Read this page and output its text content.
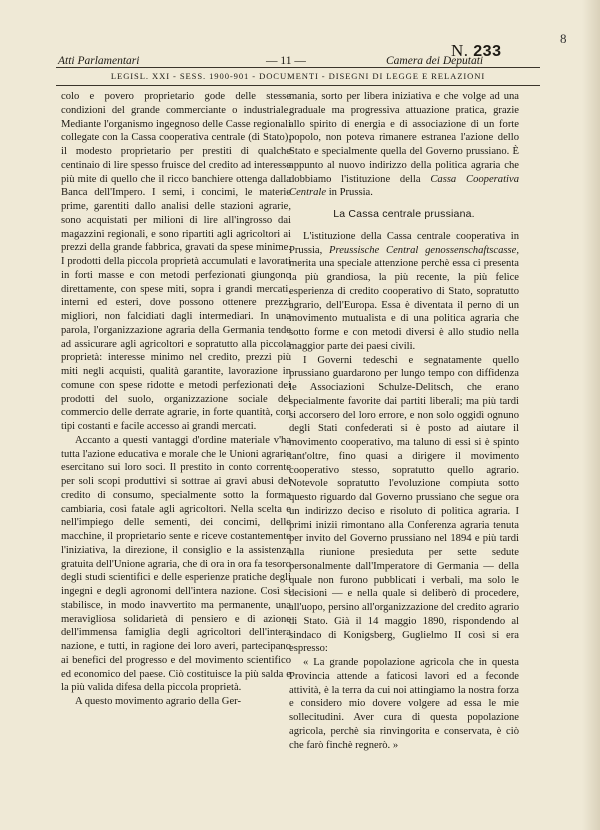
8
Atti Parlamentari	— 11 —	Camera dei Deputati
N. 233
LEGISL. XXI - SESS. 1900-901 - DOCUMENTI - DISEGNI DI LEGGE E RELAZIONI

colo e povero proprietario gode delle stesse condizioni del grande commerciante o industriale. Mediante l'organismo ingegnoso delle Casse regionali collegate con la Cassa cooperativa centrale (di Stato), il modesto proprietario per prestiti di qualche centinaio di lire spesso fruisce del credito ad interesse più mite di quello che il ricco banchiere ottenga dalla Banca dell'Impero. I semi, i concimi, le materie prime, garentiti dallo analisi delle stazioni agrarie, sono acquistati per milioni di lire all'ingrosso dai magazzini regionali, e sono ripartiti agli agricoltori ai prezzi della grande fabbrica, gravati da spese minime. I prodotti della piccola proprietà accumulati e lavorati in forti masse e con metodi perfezionati giungono direttamente, con spese miti, sopra i grandi mercati, interni ed esteri, dove possono ottenere prezzi migliori, non falcidiati dagli intermediari. In una parola, l'organizzazione agraria della Germania tende ad assicurare agli agricoltori e sopratutto alla piccola proprietà: interesse minimo nel credito, prezzi più miti negli acquisti, qualità garantite, lavorazione in comune con spese ridotte e metodi perfezionati dei prodotti del suolo, organizzazione sociale del commercio delle derrate agrarie, in forte quantità, con tipi costanti e facile accesso ai grandi mercati.

Accanto a questi vantaggi d'ordine materiale v'ha tutta l'azione educativa e morale che le Unioni agrarie esercitano sui loro soci. Il prestito in conto corrente per soli scopi produttivi si sottrae ai gravi abusi del credito di consumo, specialmente sotto la forma cambiaria, così fatale agli agricoltori. Nella scelta e nell'impiego delle sementi, dei concimi, delle macchine, il proprietario sente e riceve costantemente l'iniziativa, la direzione, il consiglio e la assistenza gratuita dell'Unione agraria, che di ora in ora fa tesoro degli studi scientifici e delle esperienze pratiche degli ingegni e degli agronomi dell'intera nazione. Così si stabilisce, in modo inavvertito ma permanente, una meravigliosa solidarietà di pensiero e di azione dell'immensa famiglia degli agricoltori dell'intera nazione, e tutti, in ragione dei loro averi, partecipano ai benefici del progresso e del movimento scientifico ed economico del paese. Ciò costituisce la più salda e la più valida difesa della piccola proprietà.

A questo movimento agrario della Ger-

mania, sorto per libera iniziativa e che volge ad una graduale ma progressiva attuazione pratica, grazie allo spirito di energia e di associazione di un forte popolo, non poteva rimanere estranea l'azione dello Stato e specialmente quella del Governo prussiano. È appunto al nuovo indirizzo della politica agraria che dobbiamo l'istituzione della Cassa Cooperativa Centrale in Prussia.

La Cassa centrale prussiana.

L'istituzione della Cassa centrale cooperativa in Prussia, Preussische Central genossenschaftscasse, merita una speciale attenzione perchè essa ci presenta la più grandiosa, la più recente, la più felice esperienza di credito cooperativo di Stato, sopratutto agrario, dell'Europa. Essa è diventata il perno di un movimento mutualista e di una politica agraria che sotto forme e con metodi diversi è allo studio nella maggior parte dei paesi civili.

I Governi tedeschi e segnatamente quello prussiano guardarono per lungo tempo con diffidenza le Associazioni Schulze-Delitsch, che erano specialmente favorite dai partiti liberali; ma più tardi si accorsero del loro errore, e non solo oggidì ognuno degli Stati confederati si è posto ad aiutare il movimento cooperativo, ma taluno di essi si è spinto tant'oltre, fino quasi a dirigere il movimento cooperativo stesso, sopratutto quello agrario. Notevole sopratutto l'evoluzione compiuta sotto questo riguardo dal Governo prussiano che segue ora un indirizzo deciso e risoluto di politica agraria. I primi inizii rimontano alla Conferenza agraria tenuta per invito del Governo prussiano nel 1894 e più tardi alla riunione presieduta per sette sedute personalmente dall'Imperatore di Germania — della quale non furono pubblicati i verbali, ma solo le decisioni — e nella quale si deliberò di procedere, all'uopo, persino all'organizzazione del credito agrario di Stato. Già il 14 maggio 1890, rispondendo al sindaco di Konigsberg, Guglielmo II così si era espresso:

« La grande popolazione agricola che in questa Provincia attende a faticosi lavori ed a feconde attività, è la terra da cui noi attingiamo la nostra forza e considero mio dovere volgere ad essa le mie sollecitudini. Aver cura di questa popolazione agricola, perchè sia rinvingorita e conservata, è ciò che farò finchè regnerò. »
